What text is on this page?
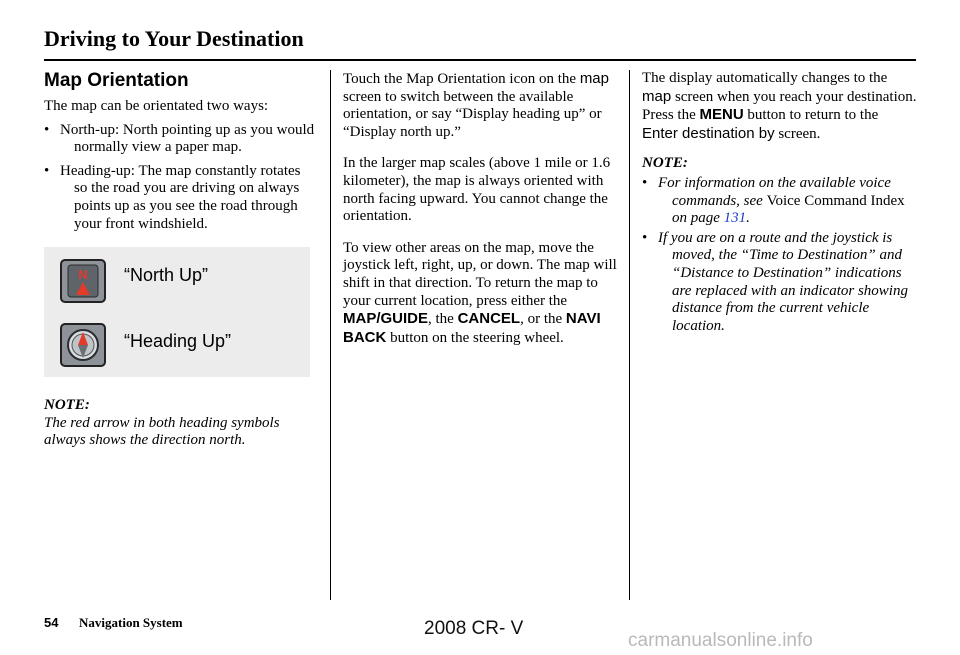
Driving to Your Destination
Map Orientation

The map can be orientated two ways:

• North-up: North pointing up as you would normally view a paper map.
• Heading-up: The map constantly rotates so the road you are driving on always points up as you see the road through your front windshield.
N “North Up”
“Heading Up”
NOTE:
The red arrow in both heading symbols always shows the direction north.

Touch the Map Orientation icon on the map screen to switch between the available orientation, or say “Display heading up” or “Display north up.”

In the larger map scales (above 1 mile or 1.6 kilometer), the map is always oriented with north facing upward. You cannot change the orientation.

To view other areas on the map, move the joystick left, right, up, or down. The map will shift in that direction. To return the map to your current location, press either the MAP/GUIDE, the CANCEL, or the NAVI BACK button on the steering wheel.

The display automatically changes to the map screen when you reach your destination. Press the MENU button to return to the Enter destination by screen.

NOTE:
• For information on the available voice commands, see Voice Command Index on page 131.
• If you are on a route and the joystick is moved, the “Time to Destination” and “Distance to Destination” indications are replaced with an indicator showing distance from the current vehicle location.
54 Navigation System	2008 CR- V
carmanualsonline.info
